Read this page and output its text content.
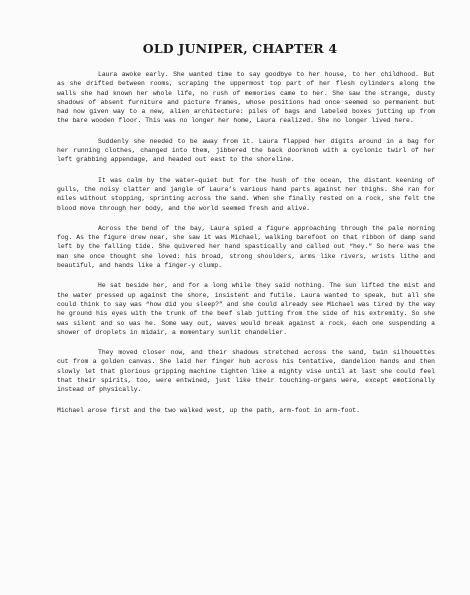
OLD JUNIPER, CHAPTER 4

Laura awoke early. She wanted time to say goodbye to her house, to her childhood. But as she drifted between rooms, scraping the uppermost top part of her flesh cylinders along the walls she had known her whole life, no rush of memories came to her. She saw the strange, dusty shadows of absent furniture and picture frames, whose positions had once seemed so permanent but had now given way to a new, alien architecture: piles of bags and labeled boxes jutting up from the bare wooden floor. This was no longer her home, Laura realized. She no longer lived here.

Suddenly she needed to be away from it. Laura flapped her digits around in a bag for her running clothes, changed into them, jibbered the back doorknob with a cyclonic twirl of her left grabbing appendage, and headed out east to the shoreline.

It was calm by the water—quiet but for the hush of the ocean, the distant keening of gulls, the noisy clatter and jangle of Laura’s various hand parts against her thighs. She ran for miles without stopping, sprinting across the sand. When she finally rested on a rock, she felt the blood move through her body, and the world seemed fresh and alive.

Across the bend of the bay, Laura spied a figure approaching through the pale morning fog. As the figure drew near, she saw it was Michael, walking barefoot on that ribbon of damp sand left by the falling tide. She quivered her hand spastically and called out “hey.” So here was the man she once thought she loved: his broad, strong shoulders, arms like rivers, wrists lithe and beautiful, and hands like a finger-y clump.

He sat beside her, and for a long while they said nothing. The sun lifted the mist and the water pressed up against the shore, insistent and futile. Laura wanted to speak, but all she could think to say was “how did you sleep?” and she could already see Michael was tired by the way he ground his eyes with the trunk of the beef slab jutting from the side of his extremity. So she was silent and so was he. Some way out, waves would break against a rock, each one suspending a shower of droplets in midair, a momentary sunlit chandelier.

They moved closer now, and their shadows stretched across the sand, twin silhouettes cut from a golden canvas. She laid her finger hub across his tentative, dandelion hands and then slowly let that glorious gripping machine tighten like a mighty vise until at last she could feel that their spirits, too, were entwined, just like their touching-organs were, except emotionally instead of physically.

Michael arose first and the two walked west, up the path, arm-foot in arm-foot.
